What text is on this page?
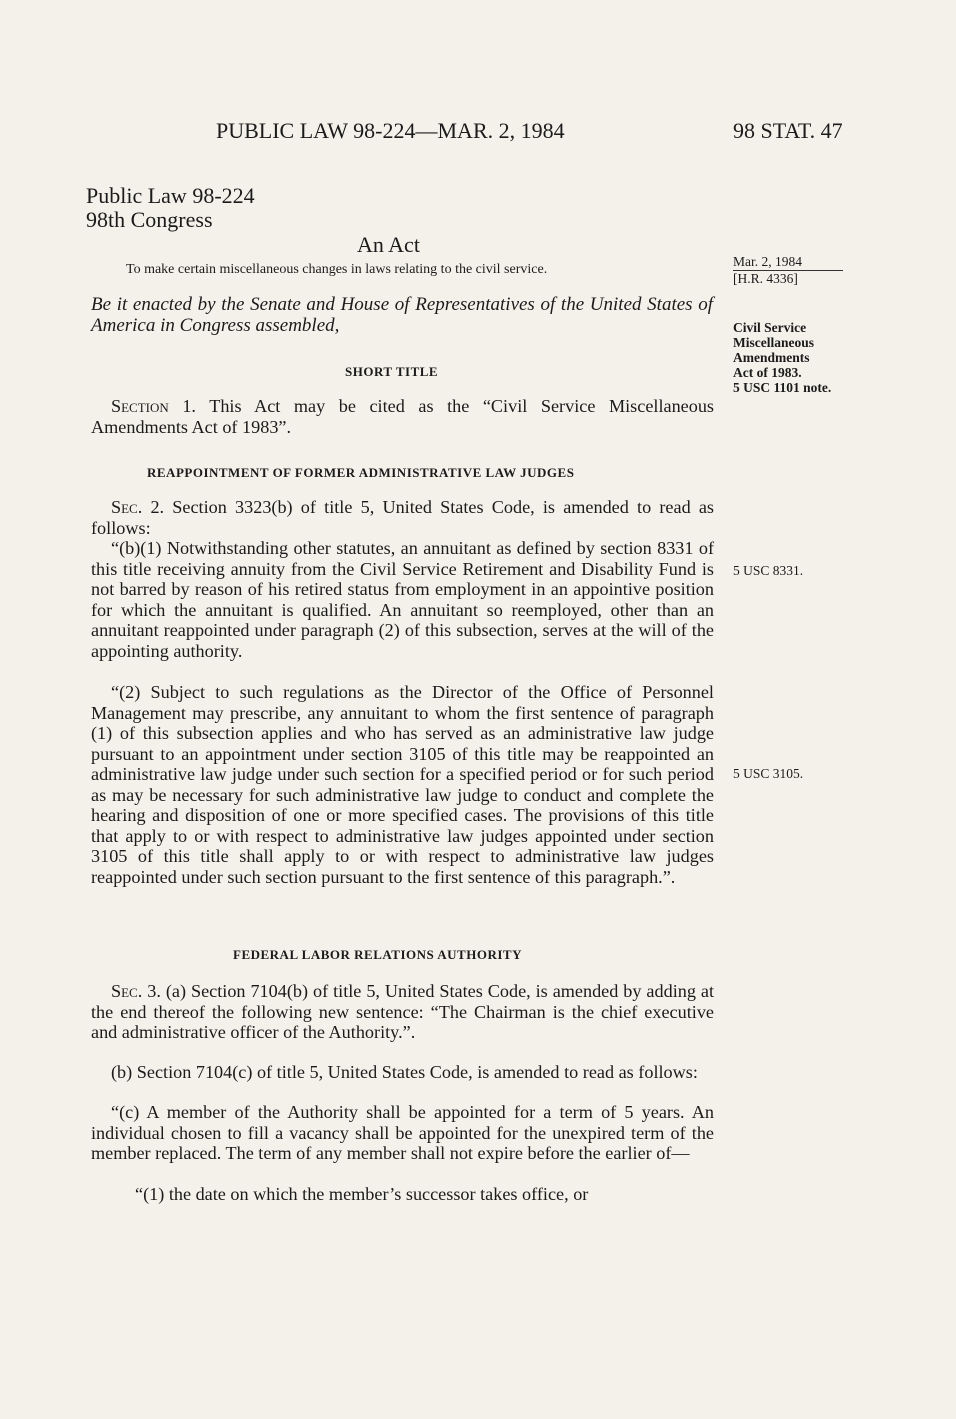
PUBLIC LAW 98-224—MAR. 2, 1984	98 STAT. 47
Public Law 98-224
98th Congress
An Act
To make certain miscellaneous changes in laws relating to the civil service.
Be it enacted by the Senate and House of Representatives of the United States of America in Congress assembled,
SHORT TITLE
Section 1. This Act may be cited as the “Civil Service Miscellaneous Amendments Act of 1983”.
REAPPOINTMENT OF FORMER ADMINISTRATIVE LAW JUDGES
Sec. 2. Section 3323(b) of title 5, United States Code, is amended to read as follows:
“(b)(1) Notwithstanding other statutes, an annuitant as defined by section 8331 of this title receiving annuity from the Civil Service Retirement and Disability Fund is not barred by reason of his retired status from employment in an appointive position for which the annuitant is qualified. An annuitant so reemployed, other than an annuitant reappointed under paragraph (2) of this subsection, serves at the will of the appointing authority.
“(2) Subject to such regulations as the Director of the Office of Personnel Management may prescribe, any annuitant to whom the first sentence of paragraph (1) of this subsection applies and who has served as an administrative law judge pursuant to an appointment under section 3105 of this title may be reappointed an administrative law judge under such section for a specified period or for such period as may be necessary for such administrative law judge to conduct and complete the hearing and disposition of one or more specified cases. The provisions of this title that apply to or with respect to administrative law judges appointed under section 3105 of this title shall apply to or with respect to administrative law judges reappointed under such section pursuant to the first sentence of this paragraph.”.
FEDERAL LABOR RELATIONS AUTHORITY
Sec. 3. (a) Section 7104(b) of title 5, United States Code, is amended by adding at the end thereof the following new sentence: “The Chairman is the chief executive and administrative officer of the Authority.”.
(b) Section 7104(c) of title 5, United States Code, is amended to read as follows:
“(c) A member of the Authority shall be appointed for a term of 5 years. An individual chosen to fill a vacancy shall be appointed for the unexpired term of the member replaced. The term of any member shall not expire before the earlier of—
“(1) the date on which the member’s successor takes office, or
Mar. 2, 1984
[H.R. 4336]
Civil Service
Miscellaneous
Amendments
Act of 1983.
5 USC 1101 note.
5 USC 8331.
5 USC 3105.
